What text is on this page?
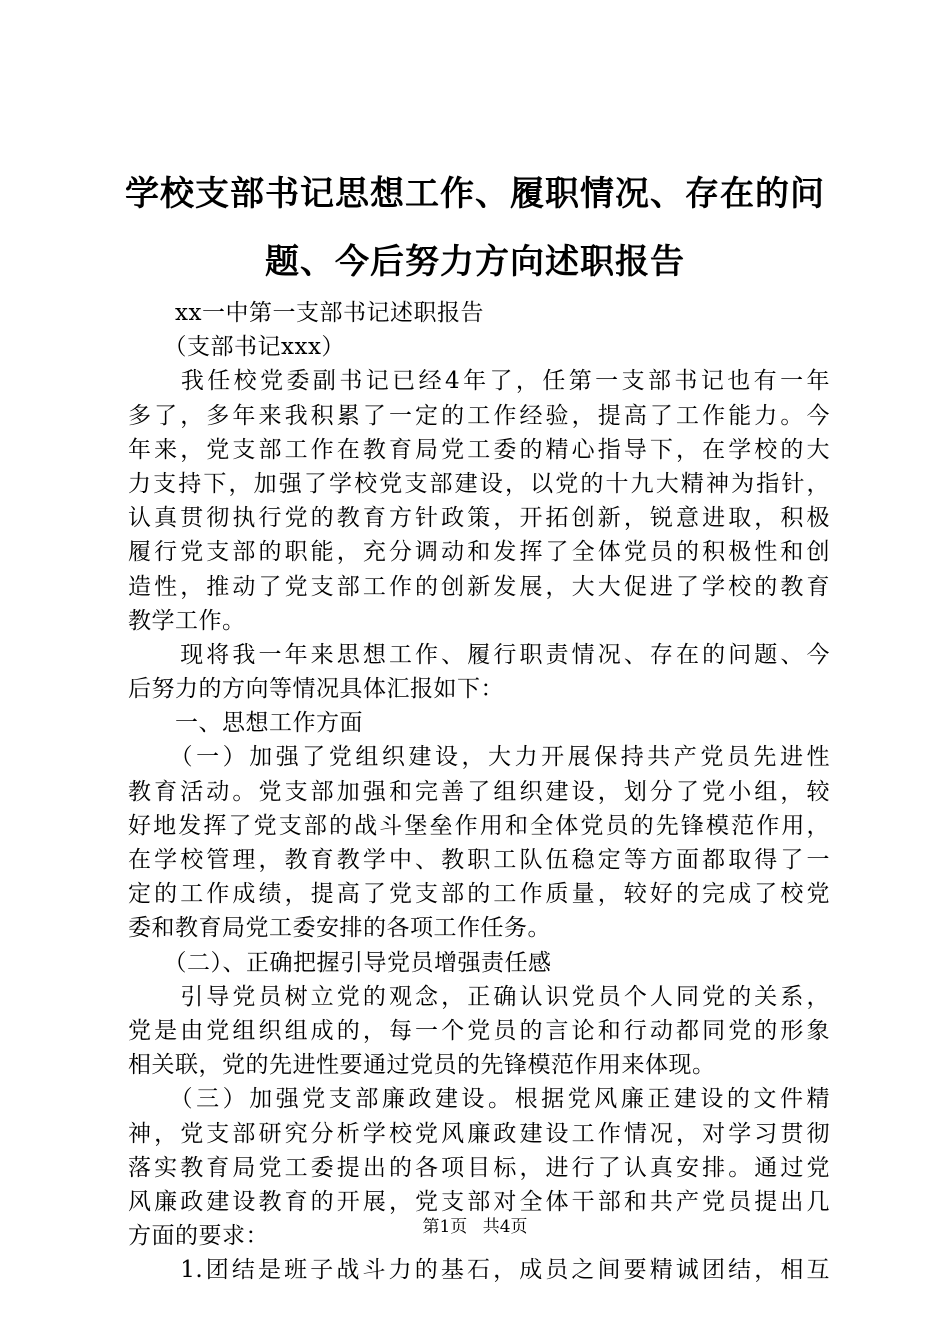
学校支部书记思想工作、履职情况、存在的问
题、今后努力方向述职报告
　　xx一中第一支部书记述职报告
　　（支部书记xxx）
　　我任校党委副书记已经4年了，任第一支部书记也有一年
多了，多年来我积累了一定的工作经验，提高了工作能力。今
年来，党支部工作在教育局党工委的精心指导下，在学校的大
力支持下，加强了学校党支部建设，以党的十九大精神为指针，
认真贯彻执行党的教育方针政策，开拓创新，锐意进取，积极
履行党支部的职能，充分调动和发挥了全体党员的积极性和创
造性，推动了党支部工作的创新发展，大大促进了学校的教育
教学工作。
　　现将我一年来思想工作、履行职责情况、存在的问题、今
后努力的方向等情况具体汇报如下：
　　一、思想工作方面
　　（一）加强了党组织建设，大力开展保持共产党员先进性
教育活动。党支部加强和完善了组织建设，划分了党小组，较
好地发挥了党支部的战斗堡垒作用和全体党员的先锋模范作用，
在学校管理，教育教学中、教职工队伍稳定等方面都取得了一
定的工作成绩，提高了党支部的工作质量，较好的完成了校党
委和教育局党工委安排的各项工作任务。
　　（二）、正确把握引导党员增强责任感
　　引导党员树立党的观念，正确认识党员个人同党的关系，
党是由党组织组成的，每一个党员的言论和行动都同党的形象
相关联，党的先进性要通过党员的先锋模范作用来体现。
　　（三）加强党支部廉政建设。根据党风廉正建设的文件精
神，党支部研究分析学校党风廉政建设工作情况，对学习贯彻
落实教育局党工委提出的各项目标，进行了认真安排。通过党
风廉政建设教育的开展，党支部对全体干部和共产党员提出几
方面的要求：
　　1.团结是班子战斗力的基石，成员之间要精诚团结，相互
第1页 共4页
